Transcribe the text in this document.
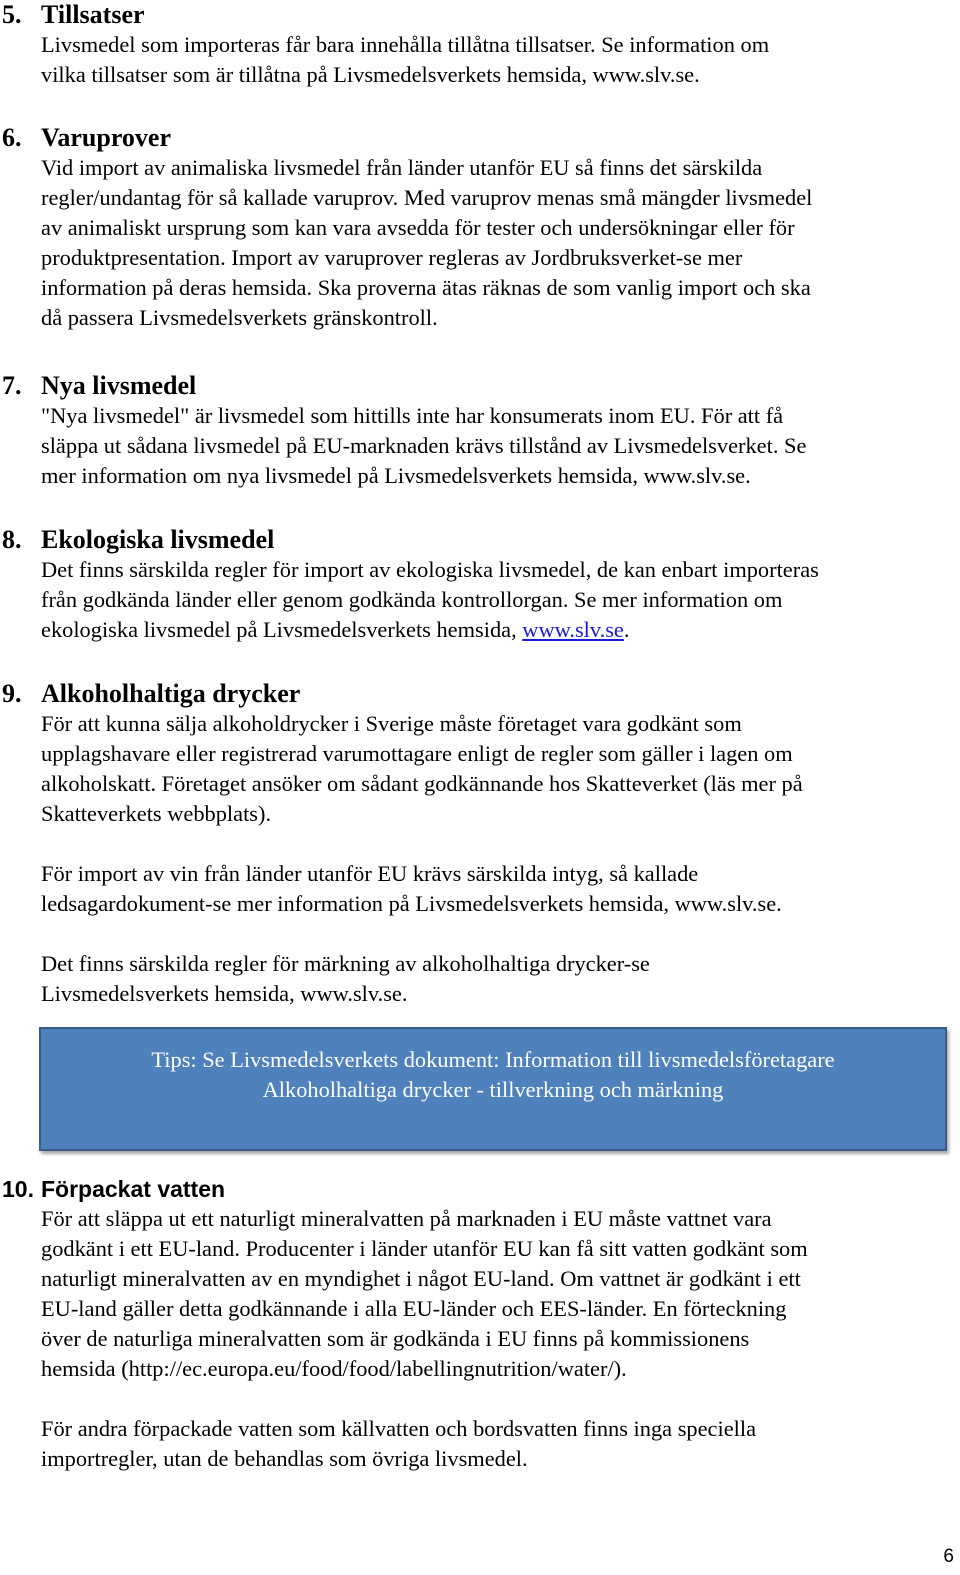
5. Tillsatser
Livsmedel som importeras får bara innehålla tillåtna tillsatser. Se information om
vilka tillsatser som är tillåtna på Livsmedelsverkets hemsida, www.slv.se.
6. Varuprover
Vid import av animaliska livsmedel från länder utanför EU så finns det särskilda
regler/undantag för så kallade varuprov. Med varuprov menas små mängder livsmedel
av animaliskt ursprung som kan vara avsedda för tester och undersökningar eller för
produktpresentation. Import av varuprover regleras av Jordbruksverket-se mer
information på deras hemsida. Ska proverna ätas räknas de som vanlig import och ska
då passera Livsmedelsverkets gränskontroll.
7. Nya livsmedel
"Nya livsmedel" är livsmedel som hittills inte har konsumerats inom EU. För att få
släppa ut sådana livsmedel på EU-marknaden krävs tillstånd av Livsmedelsverket. Se
mer information om nya livsmedel på Livsmedelsverkets hemsida, www.slv.se.
8. Ekologiska livsmedel
Det finns särskilda regler för import av ekologiska livsmedel, de kan enbart importeras
från godkända länder eller genom godkända kontrollorgan. Se mer information om
ekologiska livsmedel på Livsmedelsverkets hemsida, www.slv.se.
9. Alkoholhaltiga drycker
För att kunna sälja alkoholdrycker i Sverige måste företaget vara godkänt som
upplagshavare eller registrerad varumottagare enligt de regler som gäller i lagen om
alkoholskatt. Företaget ansöker om sådant godkännande hos Skatteverket (läs mer på
Skatteverkets webbplats).
För import av vin från länder utanför EU krävs särskilda intyg, så kallade
ledsagardokument-se mer information på Livsmedelsverkets hemsida, www.slv.se.
Det finns särskilda regler för märkning av alkoholhaltiga drycker-se
Livsmedelsverkets hemsida, www.slv.se.
Tips: Se Livsmedelsverkets dokument: Information till livsmedelsföretagare
Alkoholhaltiga drycker - tillverkning och märkning
10. Förpackat vatten
För att släppa ut ett naturligt mineralvatten på marknaden i EU måste vattnet vara
godkänt i ett EU-land. Producenter i länder utanför EU kan få sitt vatten godkänt som
naturligt mineralvatten av en myndighet i något EU-land. Om vattnet är godkänt i ett
EU-land gäller detta godkännande i alla EU-länder och EES-länder. En förteckning
över de naturliga mineralvatten som är godkända i EU finns på kommissionens
hemsida (http://ec.europa.eu/food/food/labellingnutrition/water/).
För andra förpackade vatten som källvatten och bordsvatten finns inga speciella
importregler, utan de behandlas som övriga livsmedel.
6
